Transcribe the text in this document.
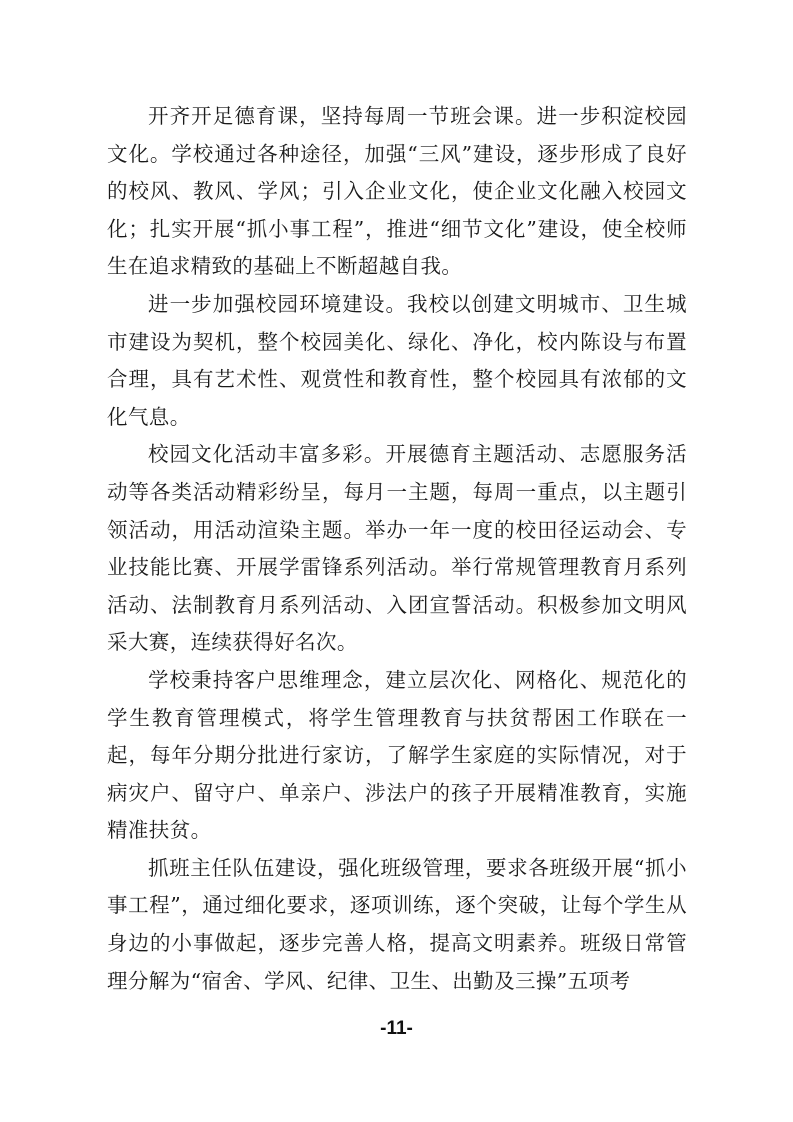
开齐开足德育课，坚持每周一节班会课。进一步积淀校园文化。学校通过各种途径，加强“三风”建设，逐步形成了良好的校风、教风、学风；引入企业文化，使企业文化融入校园文化；扎实开展“抓小事工程”，推进“细节文化”建设，使全校师生在追求精致的基础上不断超越自我。

进一步加强校园环境建设。我校以创建文明城市、卫生城市建设为契机，整个校园美化、绿化、净化，校内陈设与布置合理，具有艺术性、观赏性和教育性，整个校园具有浓郁的文化气息。

校园文化活动丰富多彩。开展德育主题活动、志愿服务活动等各类活动精彩纷呈，每月一主题，每周一重点，以主题引领活动，用活动渲染主题。举办一年一度的校田径运动会、专业技能比赛、开展学雷锋系列活动。举行常规管理教育月系列活动、法制教育月系列活动、入团宣誓活动。积极参加文明风采大赛，连续获得好名次。

学校秉持客户思维理念，建立层次化、网格化、规范化的学生教育管理模式，将学生管理教育与扶贫帮困工作联在一起，每年分期分批进行家访，了解学生家庭的实际情况，对于病灾户、留守户、单亲户、涉法户的孩子开展精准教育，实施精准扶贫。

抓班主任队伍建设，强化班级管理，要求各班级开展“抓小事工程”，通过细化要求，逐项训练，逐个突破，让每个学生从身边的小事做起，逐步完善人格，提高文明素养。班级日常管理分解为“宿舍、学风、纪律、卫生、出勤及三操”五项考

-11-
